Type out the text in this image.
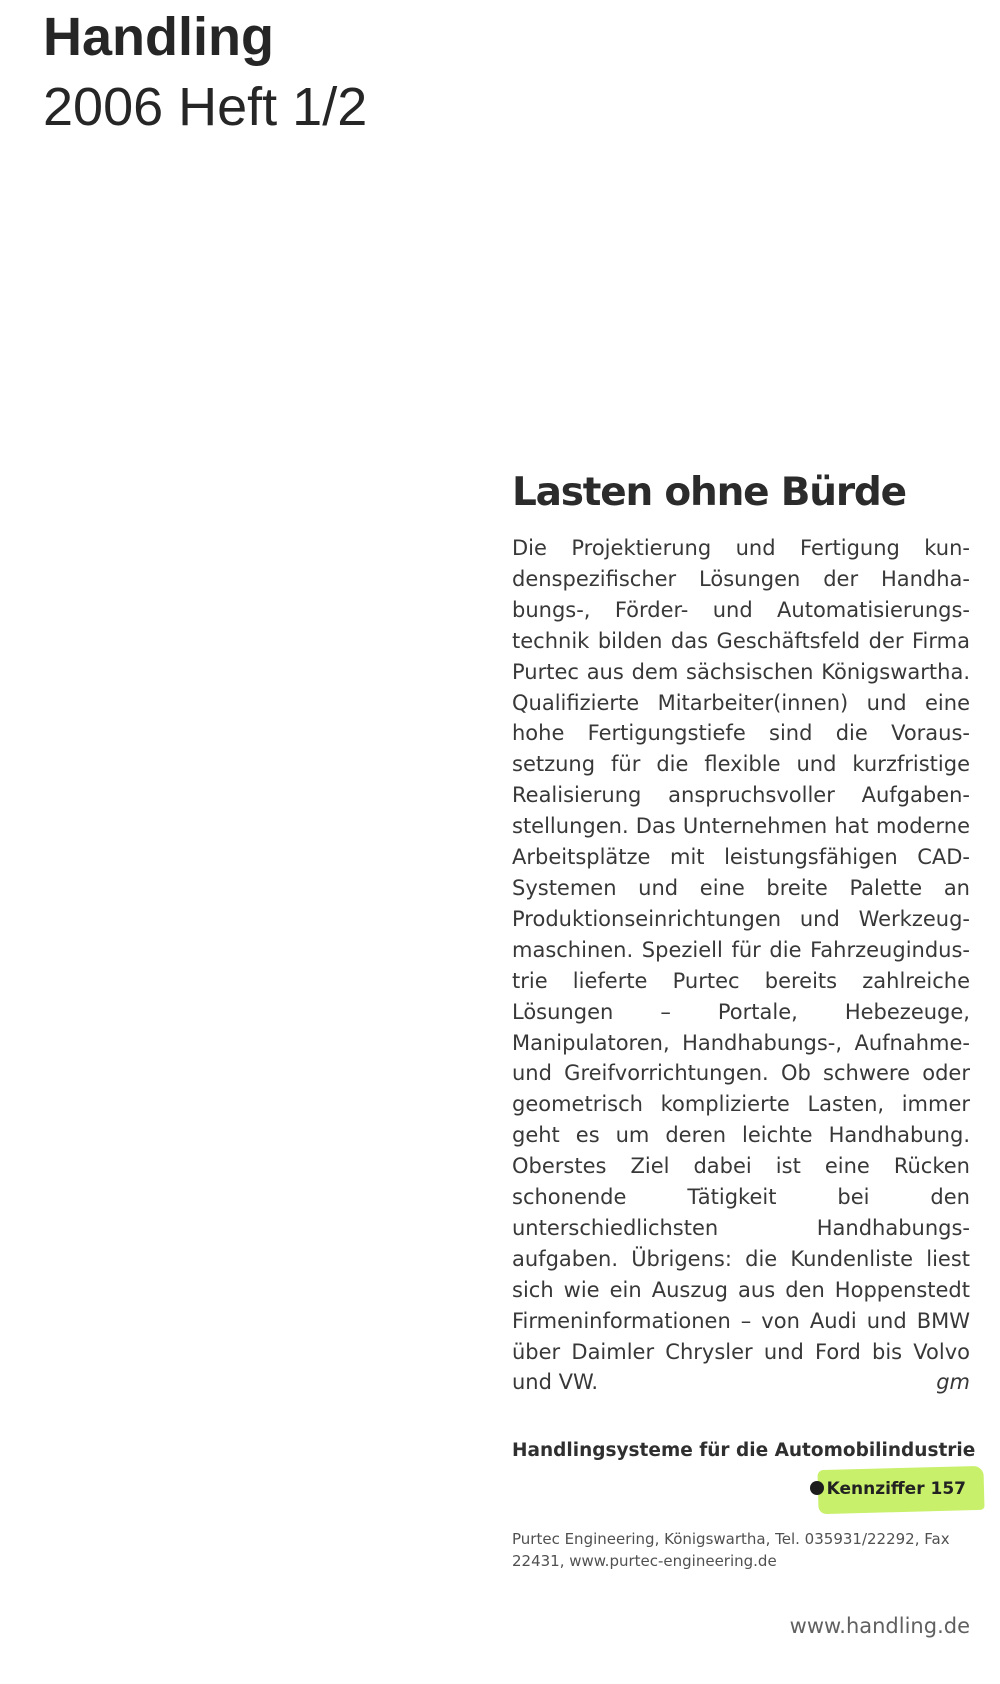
Handling
2006 Heft 1/2
Lasten ohne Bürde

Die Projektierung und Fertigung kundenspezifischer Lösungen der Handhabungs-, Förder- und Automatisierungstechnik bilden das Geschäftsfeld der Firma Purtec aus dem sächsischen Königswartha. Qualifizierte Mitarbeiter(innen) und eine hohe Fertigungstiefe sind die Voraussetzung für die flexible und kurzfristige Realisierung anspruchsvoller Aufgabenstellungen. Das Unternehmen hat moderne Arbeitsplätze mit leistungsfähigen CAD-Systemen und eine breite Palette an Produktionseinrichtungen und Werkzeugmaschinen. Speziell für die Fahrzeugindustrie lieferte Purtec bereits zahlreiche Lösungen – Portale, Hebezeuge, Manipulatoren, Handhabungs-, Aufnahme- und Greifvorrichtungen. Ob schwere oder geometrisch komplizierte Lasten, immer geht es um deren leichte Handhabung. Oberstes Ziel dabei ist eine Rücken schonende Tätigkeit bei den unterschiedlichsten Handhabungsaufgaben. Übrigens: die Kundenliste liest sich wie ein Auszug aus den Hoppenstedt Firmeninformationen – von Audi und BMW über Daimler Chrysler und Ford bis Volvo und VW.	gm

Handlingsysteme für die Automobilindustrie
Kennziffer 157

Purtec Engineering, Königswartha, Tel. 035931/22292, Fax 22431, www.purtec-engineering.de

www.handling.de
